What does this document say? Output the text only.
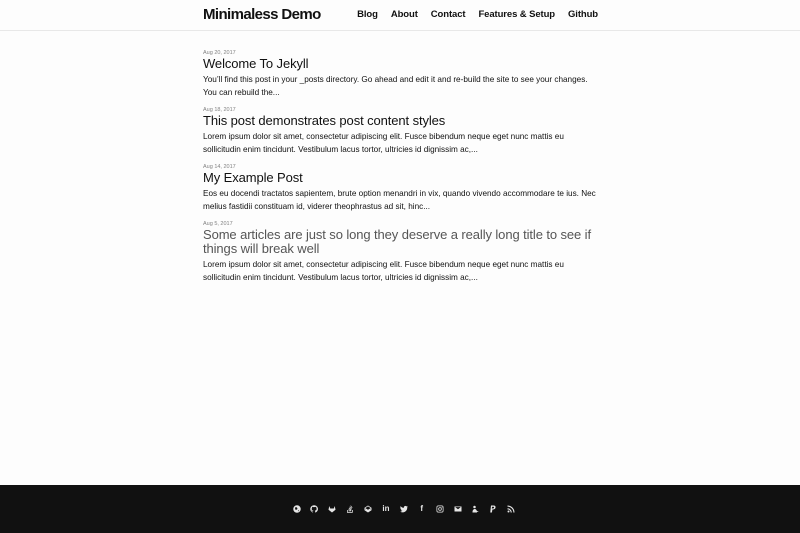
Minimaless Demo	Blog About Contact Features & Setup Github
Aug 20, 2017
Welcome To Jekyll

You’ll find this post in your _posts directory. Go ahead and edit it and re-build the site to see your changes. You can rebuild the...

Aug 18, 2017
This post demonstrates post content styles

Lorem ipsum dolor sit amet, consectetur adipiscing elit. Fusce bibendum neque eget nunc mattis eu sollicitudin enim tincidunt. Vestibulum lacus tortor, ultricies id dignissim ac,...

Aug 14, 2017
My Example Post

Eos eu docendi tractatos sapientem, brute option menandri in vix, quando vivendo accommodare te ius. Nec melius fastidii constituam id, viderer theophrastus ad sit, hinc...

Aug 5, 2017
Some articles are just so long they deserve a really long title to see if things will break well

Lorem ipsum dolor sit amet, consectetur adipiscing elit. Fusce bibendum neque eget nunc mattis eu sollicitudin enim tincidunt. Vestibulum lacus tortor, ultricies id dignissim ac,...

in	f
